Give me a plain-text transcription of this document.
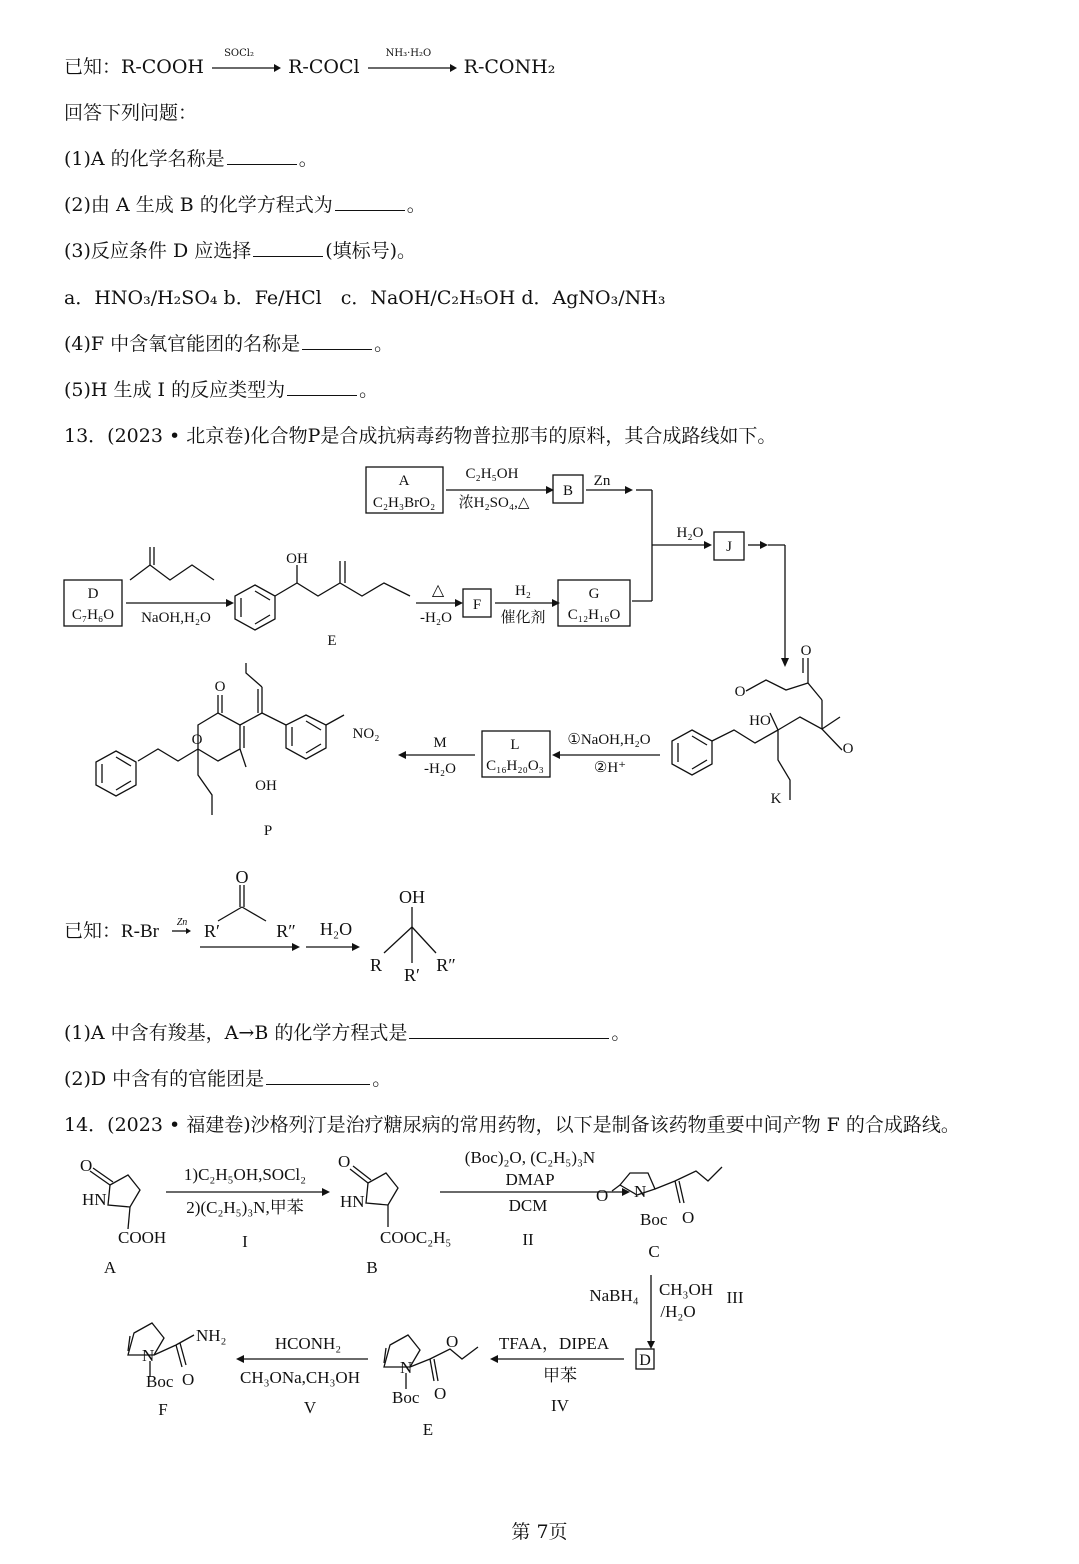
已知：R-COOH
SOCl₂
R-COCl
NH₃·H₂O
R-CONH₂
回答下列问题：
(1)A 的化学名称是	。
(2)由 A 生成 B 的化学方程式为	。
(3)反应条件 D 应选择	(填标号)。
a．HNO₃/H₂SO₄ b．Fe/HCl　c．NaOH/C₂H₅OH d．AgNO₃/NH₃
(4)F 中含氧官能团的名称是	。
(5)H 生成 I 的反应类型为	。
13．(2023 • 北京卷)化合物P是合成抗病毒药物普拉那韦的原料，其合成路线如下。
A
C₂H₃BrO₂
C₂H₅OH
浓H₂SO₄,△
B
Zn
H₂O
J
D
C₇H₆O NaOH,H₂O
OH
E
△
-H₂O
F
H₂
催化剂
G
C₁₂H₁₆O
O
O
HO
O
K
①NaOH,H₂O
②H⁺
L
C₁₆H₂₀O₃
M
-H₂O
O
O	NO₂
OH
P
已知：R-Br Zn
O
R′	R″ H₂O
OH
R R′ R″
(1)A 中含有羧基，A→B 的化学方程式是	。
(2)D 中含有的官能团是	。
14．(2023 • 福建卷)沙格列汀是治疗糖尿病的常用药物，以下是制备该药物重要中间产物 F 的合成路线。
O
HN
COOH
A
1)C₂H₅OH,SOCl₂
2)(C₂H₅)₃N,甲苯
I
O
HN
COOC₂H₅
B
(Boc)₂O, (C₂H₅)₃N
DMAP
DCM
II
O N
Boc O
C
NaBH₄ CH₃OH
/H₂O
III
D
TFAA，DIPEA
甲苯
IV
N
O
O
Boc
E
HCONH₂
CH₃ONa,CH₃OH
V
N
O
NH₂
Boc
F
第 7页
